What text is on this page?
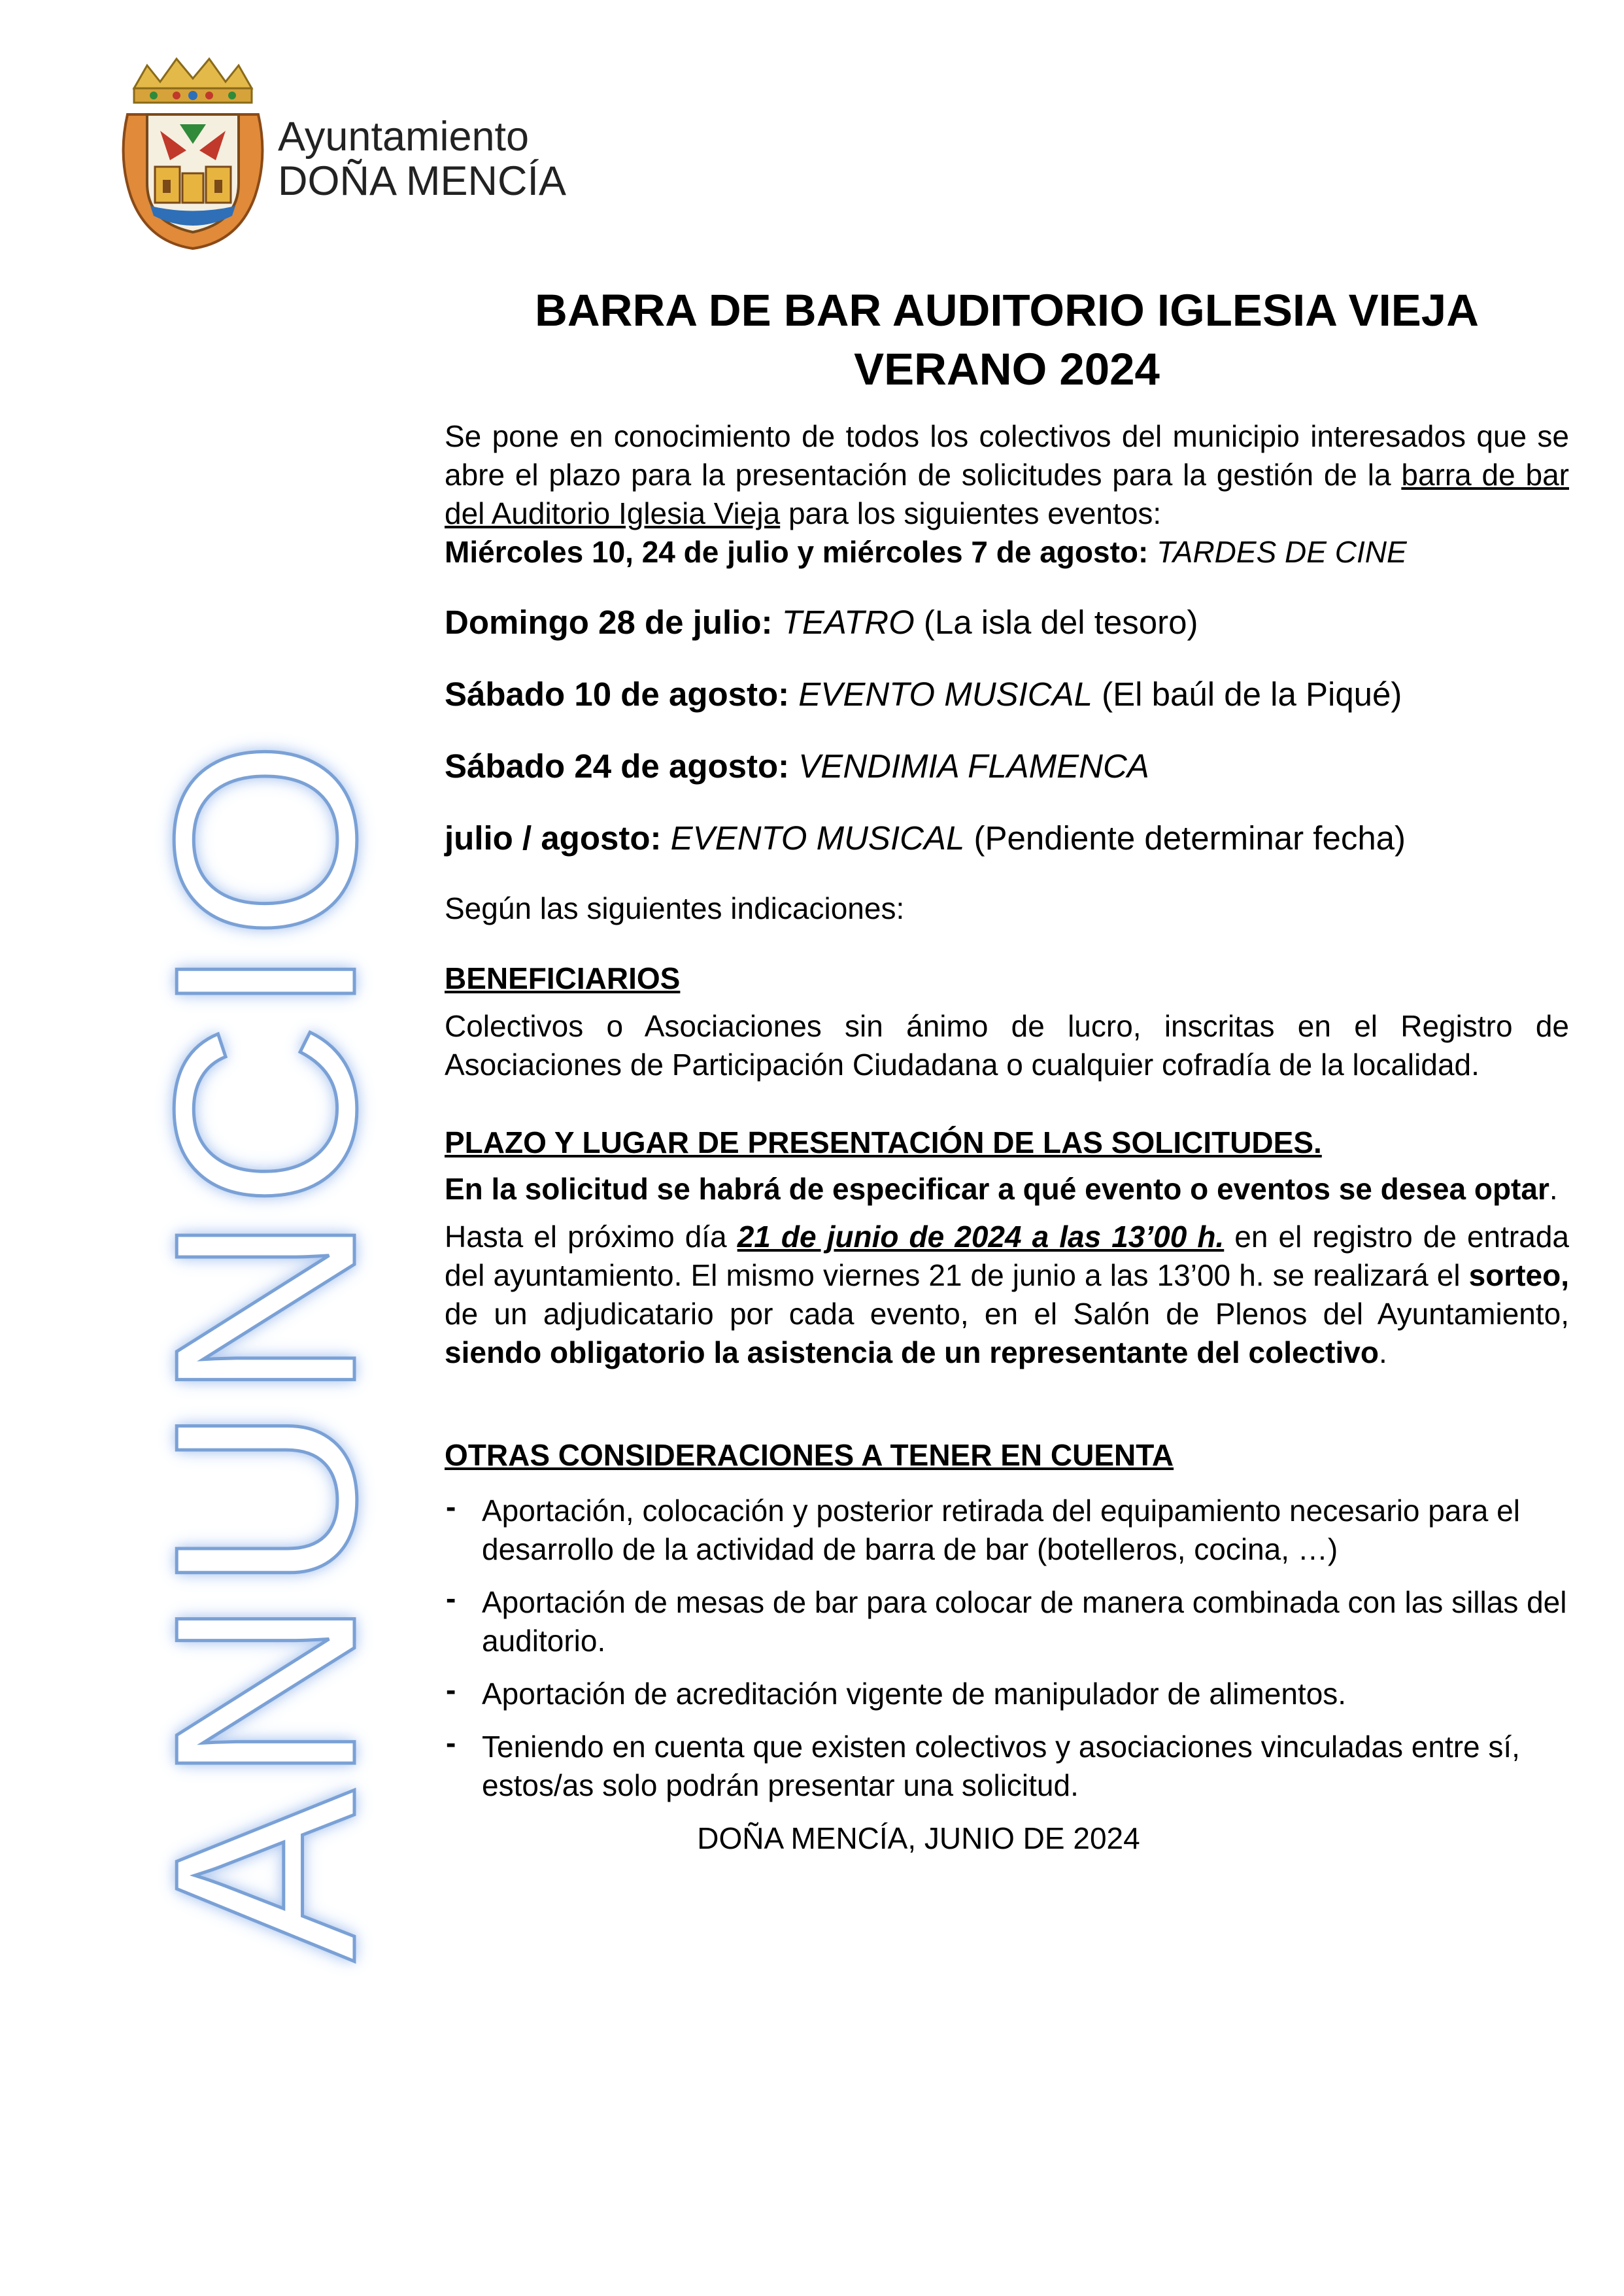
Ayuntamiento
DOÑA MENCÍA
ANUNCIO
BARRA DE BAR AUDITORIO IGLESIA VIEJA
VERANO 2024

Se pone en conocimiento de todos los colectivos del municipio interesados que se abre el plazo para la presentación de solicitudes para la gestión de la barra de bar del Auditorio Iglesia Vieja para los siguientes eventos:

Miércoles 10, 24 de julio y miércoles 7 de agosto: TARDES DE CINE

Domingo 28 de julio: TEATRO (La isla del tesoro)

Sábado 10 de agosto: EVENTO MUSICAL (El baúl de la Piqué)

Sábado 24 de agosto: VENDIMIA FLAMENCA

julio / agosto: EVENTO MUSICAL (Pendiente determinar fecha)

Según las siguientes indicaciones:

BENEFICIARIOS

Colectivos o Asociaciones sin ánimo de lucro, inscritas en el Registro de Asociaciones de Participación Ciudadana o cualquier cofradía de la localidad.

PLAZO Y LUGAR DE PRESENTACIÓN DE LAS SOLICITUDES.

En la solicitud se habrá de especificar a qué evento o eventos se desea optar.

Hasta el próximo día 21 de junio de 2024 a las 13’00 h. en el registro de entrada del ayuntamiento. El mismo viernes 21 de junio a las 13’00 h. se realizará el sorteo, de un adjudicatario por cada evento, en el Salón de Plenos del Ayuntamiento, siendo obligatorio la asistencia de un representante del colectivo.

OTRAS CONSIDERACIONES A TENER EN CUENTA

- Aportación, colocación y posterior retirada del equipamiento necesario para el desarrollo de la actividad de barra de bar (botelleros, cocina, …)
- Aportación de mesas de bar para colocar de manera combinada con las sillas del auditorio.
- Aportación de acreditación vigente de manipulador de alimentos.
- Teniendo en cuenta que existen colectivos y asociaciones vinculadas entre sí, estos/as solo podrán presentar una solicitud.

DOÑA MENCÍA, JUNIO DE 2024
